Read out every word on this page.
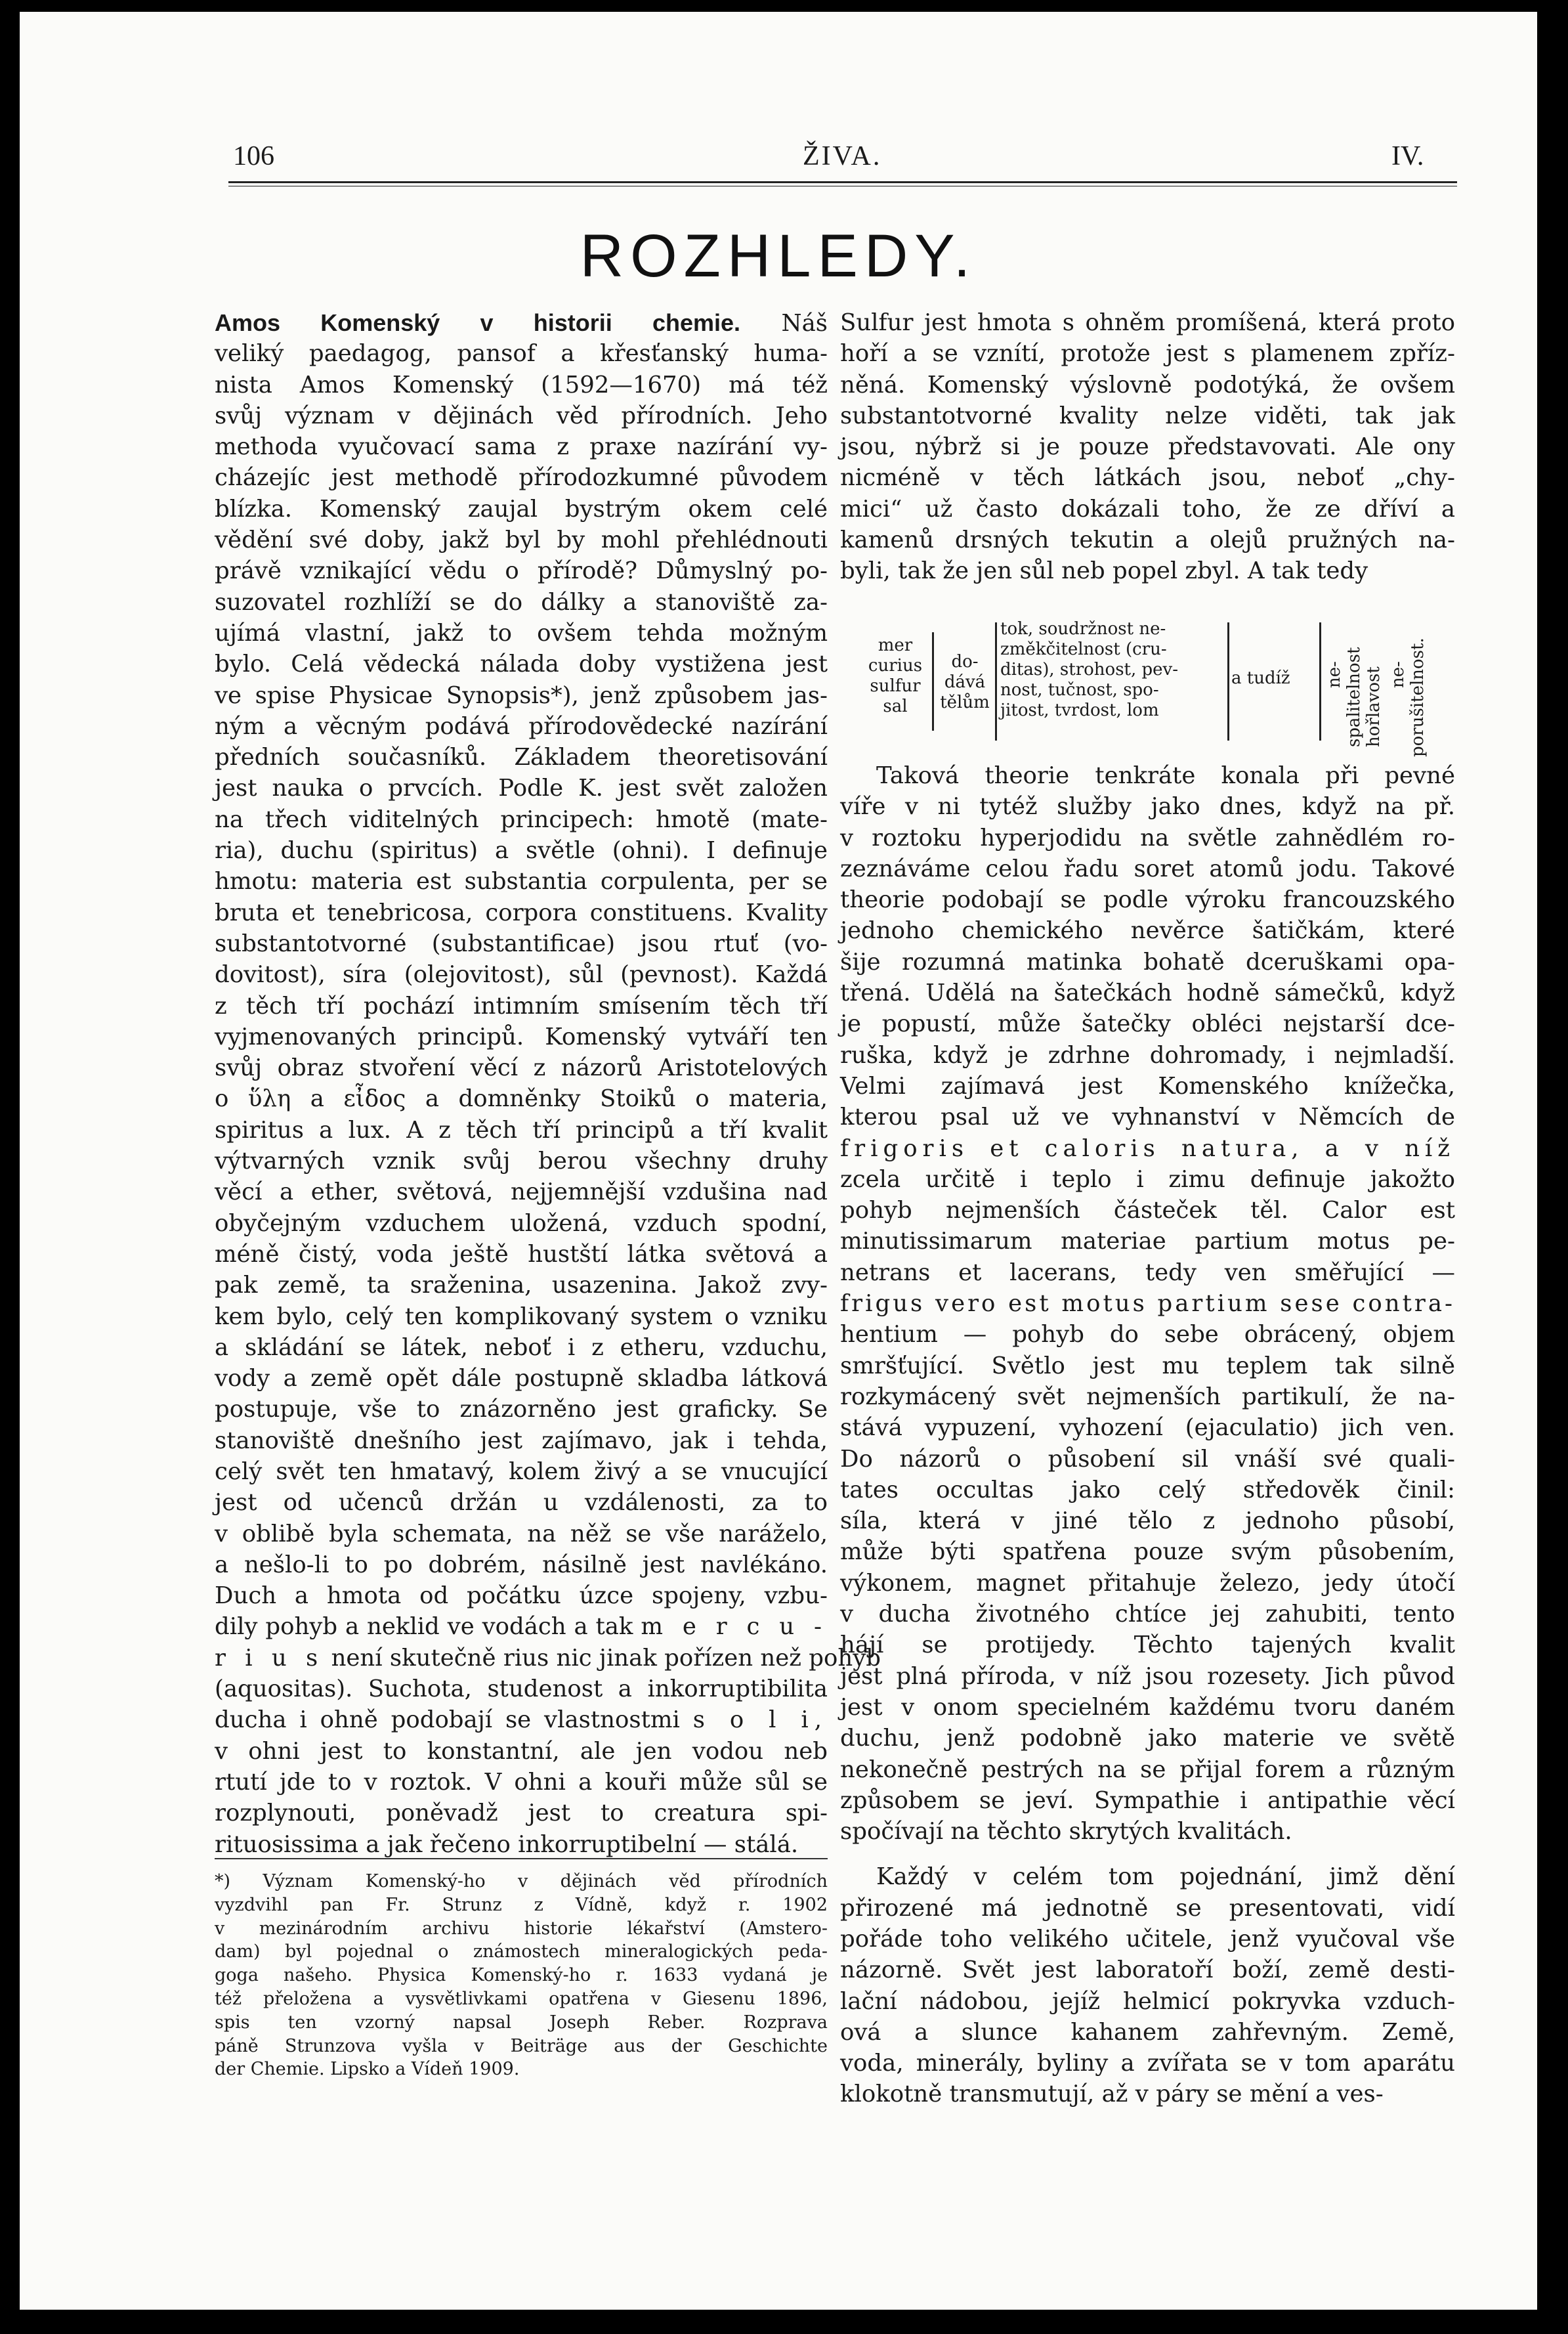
106	ŽIVA.	IV.
ROZHLEDY.
Amos Komenský v historii chemie. Náš
veliký paedagog, pansof a křesťanský huma-
nista Amos Komenský (1592—1670) má též
svůj význam v dějinách věd přírodních. Jeho
methoda vyučovací sama z praxe nazírání vy-
cházejíc jest methodě přírodozkumné původem
blízka. Komenský zaujal bystrým okem celé
vědění své doby, jakž byl by mohl přehlédnouti
právě vznikající vědu o přírodě? Důmyslný po-
suzovatel rozhlíží se do dálky a stanoviště za-
ujímá vlastní, jakž to ovšem tehda možným
bylo. Celá vědecká nálada doby vystižena jest
ve spise Physicae Synopsis*), jenž způsobem jas-
ným a věcným podává přírodovědecké nazírání
předních současníků. Základem theoretisování
jest nauka o prvcích. Podle K. jest svět založen
na třech viditelných principech: hmotě (mate-
ria), duchu (spiritus) a světle (ohni). I definuje
hmotu: materia est substantia corpulenta, per se
bruta et tenebricosa, corpora constituens. Kvality
substantotvorné (substantificae) jsou rtuť (vo-
dovitost), síra (olejovitost), sůl (pevnost). Každá
z těch tří pochází intimním smísením těch tří
vyjmenovaných principů. Komenský vytváří ten
svůj obraz stvoření věcí z názorů Aristotelových
o ὕλη a εἶδος a domněnky Stoiků o materia,
spiritus a lux. A z těch tří principů a tří kvalit
výtvarných vznik svůj berou všechny druhy
věcí a ether, světová, nejjemnější vzdušina nad
obyčejným vzduchem uložená, vzduch spodní,
méně čistý, voda ještě hustští látka světová a
pak země, ta sraženina, usazenina. Jakož zvy-
kem bylo, celý ten komplikovaný system o vzniku
a skládání se látek, neboť i z etheru, vzduchu,
vody a země opět dále postupně skladba látková
postupuje, vše to znázorněno jest graficky. Se
stanoviště dnešního jest zajímavo, jak i tehda,
celý svět ten hmatavý, kolem živý a se vnucující
jest od učenců držán u vzdálenosti, za to
v oblibě byla schemata, na něž se vše naráželo,
a nešlo-li to po dobrém, násilně jest navlékáno.
Duch a hmota od počátku úzce spojeny, vzbu-
dily pohyb a neklid ve vodách a tak m e r c u -
r i u s není skutečně rius nic jinak pořízen než pohyb
(aquositas). Suchota, studenost a inkorruptibilita
ducha i ohně podobají se vlastnostmi s o l i,
v ohni jest to konstantní, ale jen vodou neb
rtutí jde to v roztok. V ohni a kouři může sůl se
rozplynouti, poněvadž jest to creatura spi-
rituosissima a jak řečeno inkorruptibelní — stálá.
*) Význam Komenský-ho v dějinách věd přírodních
vyzdvihl pan Fr. Strunz z Vídně, když r. 1902
v mezinárodním archivu historie lékařství (Amstero-
dam) byl pojednal o známostech mineralogických peda-
goga našeho. Physica Komenský-ho r. 1633 vydaná je
též přeložena a vysvětlivkami opatřena v Giesenu 1896,
spis ten vzorný napsal Joseph Reber. Rozprava
páně Strunzova vyšla v Beiträge aus der Geschichte
der Chemie. Lipsko a Vídeň 1909.
Sulfur jest hmota s ohněm promíšená, která proto
hoří a se vznítí, protože jest s plamenem zpříz-
něná. Komenský výslovně podotýká, že ovšem
substantotvorné kvality nelze viděti, tak jak
jsou, nýbrž si je pouze představovati. Ale ony
nicméně v těch látkách jsou, neboť „chy-
mici“ už často dokázali toho, že ze dříví a
kamenů drsných tekutin a olejů pružných na-
byli, tak že jen sůl neb popel zbyl. A tak tedy
mer
curius
sulfur
sal
do-
dává
tělům
tok, soudržnost ne-
změkčitelnost (cru-
ditas), strohost, pev-
nost, tučnost, spo-
jitost, tvrdost, lom
a tudíž ne- spalitelnost hořlavost ne- porušitelnost.
Taková theorie tenkráte konala při pevné
víře v ni tytéž služby jako dnes, když na př.
v roztoku hyperjodidu na světle zahnědlém ro-
zeznáváme celou řadu soret atomů jodu. Takové
theorie podobají se podle výroku francouzského
jednoho chemického nevěrce šatičkám, které
šije rozumná matinka bohatě dceruškami opa-
třená. Udělá na šatečkách hodně sámečků, když
je popustí, může šatečky obléci nejstarší dce-
ruška, když je zdrhne dohromady, i nejmladší.
Velmi zajímavá jest Komenského knížečka,
kterou psal už ve vyhnanství v Němcích de
frigoris et caloris natura, a v níž
zcela určitě i teplo i zimu definuje jakožto
pohyb nejmenších částeček těl. Calor est
minutissimarum materiae partium motus pe-
netrans et lacerans, tedy ven směřující —
frigus vero est motus partium sese contra-
hentium — pohyb do sebe obrácený, objem
smršťující. Světlo jest mu teplem tak silně
rozkymácený svět nejmenších partikulí, že na-
stává vypuzení, vyhození (ejaculatio) jich ven.
Do názorů o působení sil vnáší své quali-
tates occultas jako celý středověk činil:
síla, která v jiné tělo z jednoho působí,
může býti spatřena pouze svým působením,
výkonem, magnet přitahuje železo, jedy útočí
v ducha životného chtíce jej zahubiti, tento
hájí se protijedy. Těchto tajených kvalit
jest plná příroda, v níž jsou rozesety. Jich původ
jest v onom specielném každému tvoru daném
duchu, jenž podobně jako materie ve světě
nekonečně pestrých na se přijal forem a různým
způsobem se jeví. Sympathie i antipathie věcí
spočívají na těchto skrytých kvalitách.
Každý v celém tom pojednání, jimž dění
přirozené má jednotně se presentovati, vidí
pořáde toho velikého učitele, jenž vyučoval vše
názorně. Svět jest laboratoří boží, země desti-
lační nádobou, jejíž helmicí pokryvka vzduch-
ová a slunce kahanem zahřevným. Země,
voda, minerály, byliny a zvířata se v tom aparátu
klokotně transmutují, až v páry se mění a ves-
